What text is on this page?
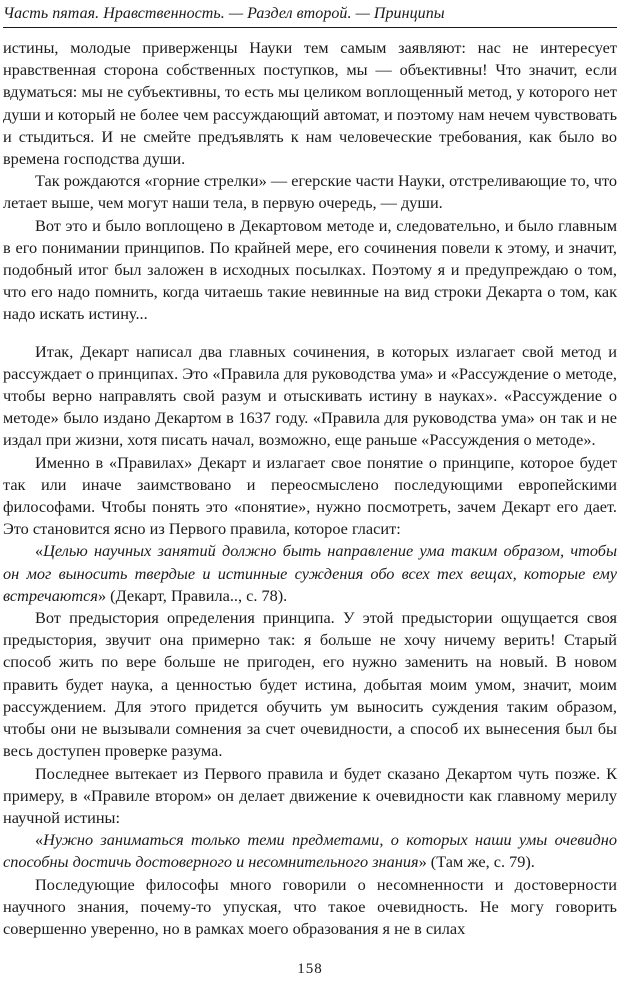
Часть пятая. Нравственность. — Раздел второй. — Принципы

истины, молодые приверженцы Науки тем самым заявляют: нас не интересует нравственная сторона собственных поступков, мы — объективны! Что значит, если вдуматься: мы не субъективны, то есть мы целиком воплощенный метод, у которого нет души и который не более чем рассуждающий автомат, и поэтому нам нечем чувствовать и стыдиться. И не смейте предъявлять к нам человеческие требования, как было во времена господства души.

Так рождаются «горние стрелки» — егерские части Науки, отстреливающие то, что летает выше, чем могут наши тела, в первую очередь, — души.

Вот это и было воплощено в Декартовом методе и, следовательно, и было главным в его понимании принципов. По крайней мере, его сочинения повели к этому, и значит, подобный итог был заложен в исходных посылках. Поэтому я и предупреждаю о том, что его надо помнить, когда читаешь такие невинные на вид строки Декарта о том, как надо искать истину...

Итак, Декарт написал два главных сочинения, в которых излагает свой метод и рассуждает о принципах. Это «Правила для руководства ума» и «Рассуждение о методе, чтобы верно направлять свой разум и отыскивать истину в науках». «Рассуждение о методе» было издано Декартом в 1637 году. «Правила для руководства ума» он так и не издал при жизни, хотя писать начал, возможно, еще раньше «Рассуждения о методе».

Именно в «Правилах» Декарт и излагает свое понятие о принципе, которое будет так или иначе заимствовано и переосмыслено последующими европейскими философами. Чтобы понять это «понятие», нужно посмотреть, зачем Декарт его дает. Это становится ясно из Первого правила, которое гласит:

«Целью научных занятий должно быть направление ума таким образом, чтобы он мог выносить твердые и истинные суждения обо всех тех вещах, которые ему встречаются» (Декарт, Правила.., с. 78).

Вот предыстория определения принципа. У этой предыстории ощущается своя предыстория, звучит она примерно так: я больше не хочу ничему верить! Старый способ жить по вере больше не пригоден, его нужно заменить на новый. В новом править будет наука, а ценностью будет истина, добытая моим умом, значит, моим рассуждением. Для этого придется обучить ум выносить суждения таким образом, чтобы они не вызывали сомнения за счет очевидности, а способ их вынесения был бы весь доступен проверке разума.

Последнее вытекает из Первого правила и будет сказано Декартом чуть позже. К примеру, в «Правиле втором» он делает движение к очевидности как главному мерилу научной истины:

«Нужно заниматься только теми предметами, о которых наши умы очевидно способны достичь достоверного и несомнительного знания» (Там же, с. 79).

Последующие философы много говорили о несомненности и достоверности научного знания, почему-то упуская, что такое очевидность. Не могу говорить совершенно уверенно, но в рамках моего образования я не в силах

158
